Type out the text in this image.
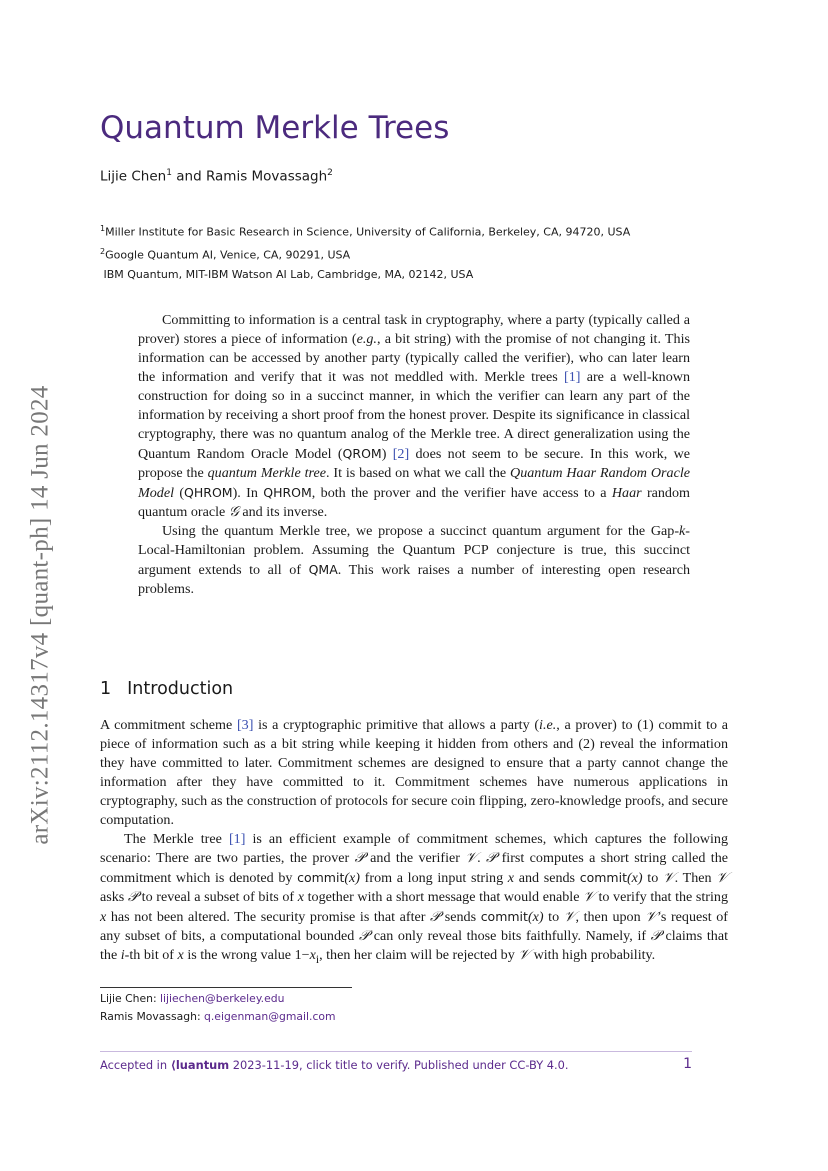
arXiv:2112.14317v4 [quant-ph] 14 Jun 2024
Quantum Merkle Trees
Lijie Chen$^1$ and Ramis Movassagh$^2$
$^1$Miller Institute for Basic Research in Science, University of California, Berkeley, CA, 94720, USA
$^2$Google Quantum AI, Venice, CA, 90291, USA
IBM Quantum, MIT-IBM Watson AI Lab, Cambridge, MA, 02142, USA

Committing to information is a central task in cryptography, where a party (typically called a prover) stores a piece of information (e.g., a bit string) with the promise of not changing it. This information can be accessed by another party (typically called the verifier), who can later learn the information and verify that it was not meddled with. Merkle trees [1] are a well-known construction for doing so in a succinct manner, in which the verifier can learn any part of the information by receiving a short proof from the honest prover. Despite its significance in classical cryptography, there was no quantum analog of the Merkle tree. A direct generalization using the Quantum Random Oracle Model (QROM) [2] does not seem to be secure. In this work, we propose the quantum Merkle tree. It is based on what we call the Quantum Haar Random Oracle Model (QHROM). In QHROM, both the prover and the verifier have access to a Haar random quantum oracle 𝒢 and its inverse.

Using the quantum Merkle tree, we propose a succinct quantum argument for the Gap-k-Local-Hamiltonian problem. Assuming the Quantum PCP conjecture is true, this succinct argument extends to all of QMA. This work raises a number of interesting open research problems.

1 Introduction

A commitment scheme [3] is a cryptographic primitive that allows a party (i.e., a prover) to (1) commit to a piece of information such as a bit string while keeping it hidden from others and (2) reveal the information they have committed to later. Commitment schemes are designed to ensure that a party cannot change the information after they have committed to it. Commitment schemes have numerous applications in cryptography, such as the construction of protocols for secure coin flipping, zero-knowledge proofs, and secure computation.

The Merkle tree [1] is an efficient example of commitment schemes, which captures the following scenario: There are two parties, the prover 𝒫 and the verifier 𝒱. 𝒫 first computes a short string called the commitment which is denoted by commit(x) from a long input string x and sends commit(x) to 𝒱. Then 𝒱 asks 𝒫 to reveal a subset of bits of x together with a short message that would enable 𝒱 to verify that the string x has not been altered. The security promise is that after 𝒫 sends commit(x) to 𝒱, then upon 𝒱’s request of any subset of bits, a computational bounded 𝒫 can only reveal those bits faithfully. Namely, if 𝒫 claims that the i-th bit of x is the wrong value $1-x_i$, then her claim will be rejected by 𝒱 with high probability.

Lijie Chen: lijiechen@berkeley.edu
Ramis Movassagh: q.eigenman@gmail.com
Accepted in ⟨luantum 2023-11-19, click title to verify. Published under CC-BY 4.0.	1
